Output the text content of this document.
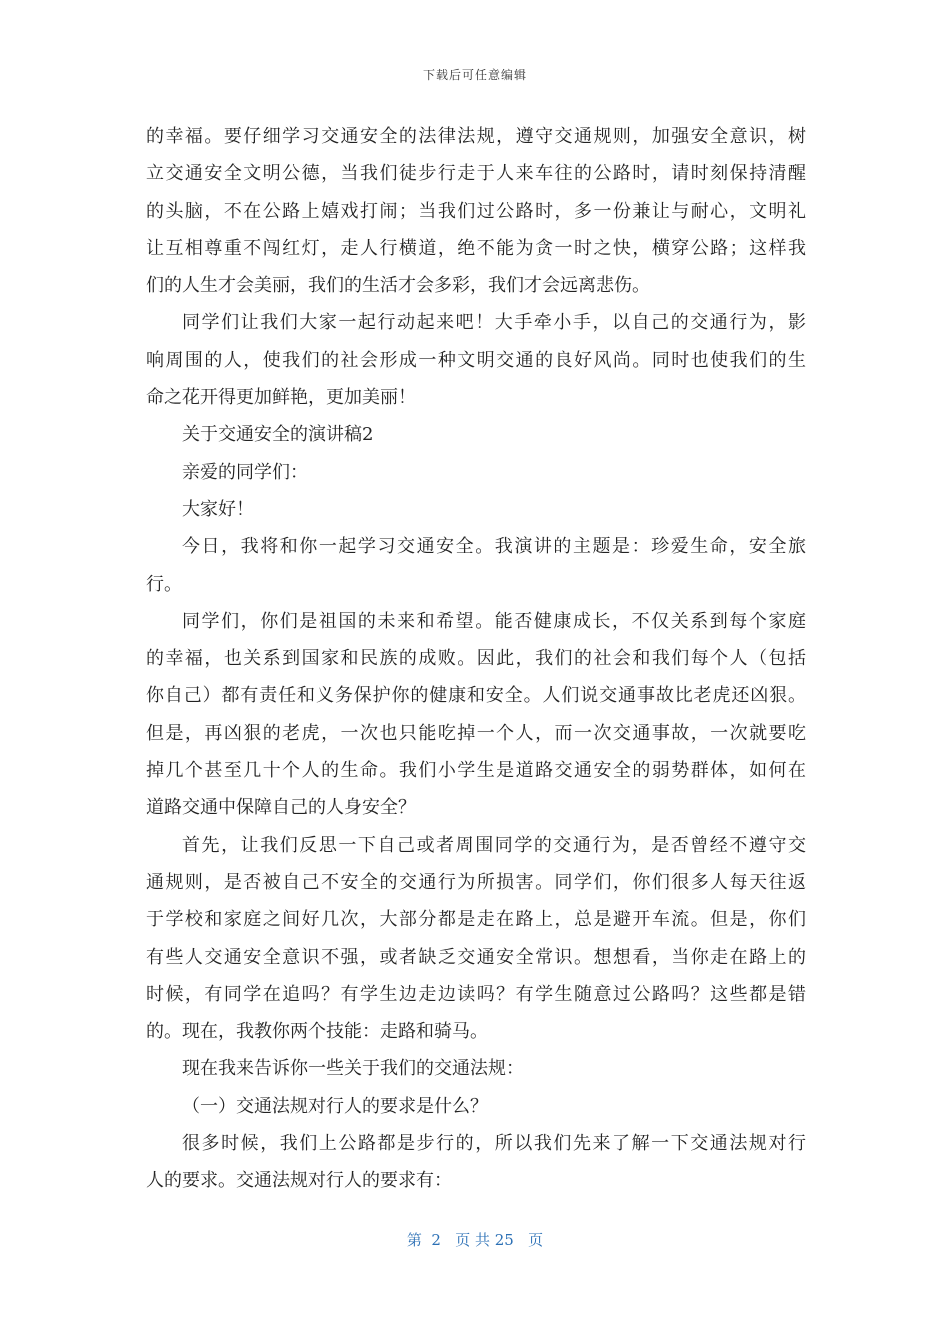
下载后可任意编辑
的幸福。要仔细学习交通安全的法律法规，遵守交通规则，加强安全意识，树
立交通安全文明公德，当我们徒步行走于人来车往的公路时，请时刻保持清醒
的头脑，不在公路上嬉戏打闹；当我们过公路时，多一份兼让与耐心，文明礼
让互相尊重不闯红灯，走人行横道，绝不能为贪一时之快，横穿公路；这样我
们的人生才会美丽，我们的生活才会多彩，我们才会远离悲伤。
同学们让我们大家一起行动起来吧！大手牵小手，以自己的交通行为，影
响周围的人，使我们的社会形成一种文明交通的良好风尚。同时也使我们的生
命之花开得更加鲜艳，更加美丽！
关于交通安全的演讲稿2
亲爱的同学们：
大家好！
今日，我将和你一起学习交通安全。我演讲的主题是：珍爱生命，安全旅
行。
同学们，你们是祖国的未来和希望。能否健康成长，不仅关系到每个家庭
的幸福，也关系到国家和民族的成败。因此，我们的社会和我们每个人（包括
你自己）都有责任和义务保护你的健康和安全。人们说交通事故比老虎还凶狠。
但是，再凶狠的老虎，一次也只能吃掉一个人，而一次交通事故，一次就要吃
掉几个甚至几十个人的生命。我们小学生是道路交通安全的弱势群体，如何在
道路交通中保障自己的人身安全？
首先，让我们反思一下自己或者周围同学的交通行为，是否曾经不遵守交
通规则，是否被自己不安全的交通行为所损害。同学们，你们很多人每天往返
于学校和家庭之间好几次，大部分都是走在路上，总是避开车流。但是，你们
有些人交通安全意识不强，或者缺乏交通安全常识。想想看，当你走在路上的
时候，有同学在追吗？有学生边走边读吗？有学生随意过公路吗？这些都是错
的。现在，我教你两个技能：走路和骑马。
现在我来告诉你一些关于我们的交通法规：
（一）交通法规对行人的要求是什么？
很多时候，我们上公路都是步行的，所以我们先来了解一下交通法规对行
人的要求。交通法规对行人的要求有：
第  2   页 共 25   页
